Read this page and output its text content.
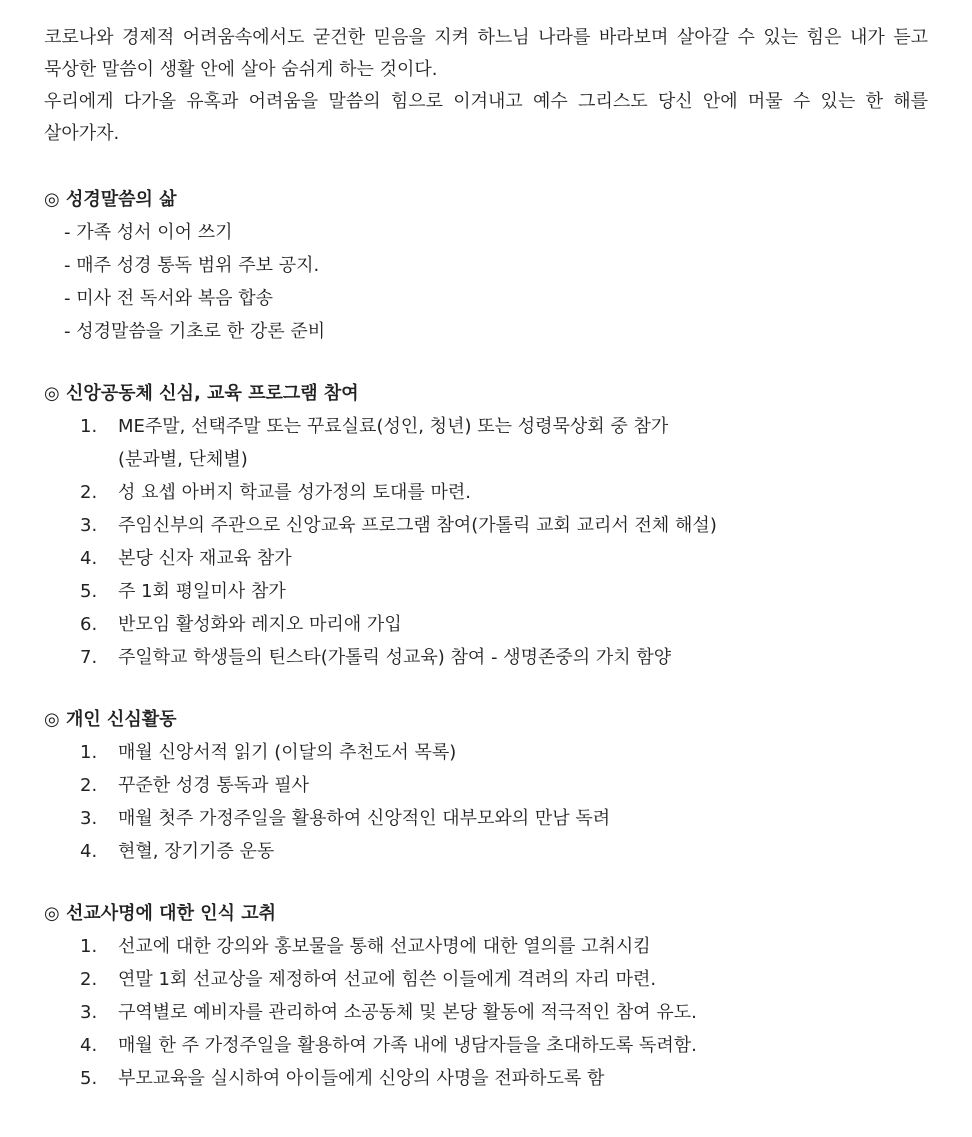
코로나와 경제적 어려움속에서도 굳건한 믿음을 지켜 하느님 나라를 바라보며 살아갈 수 있는 힘은 내가 듣고 묵상한 말씀이 생활 안에 살아 숨쉬게 하는 것이다.

우리에게 다가올 유혹과 어려움을 말씀의 힘으로 이겨내고 예수 그리스도 당신 안에 머물 수 있는 한 해를 살아가자.

◎ 성경말씀의 삶
- 가족 성서 이어 쓰기
- 매주 성경 통독 범위 주보 공지.
- 미사 전 독서와 복음 합송
- 성경말씀을 기초로 한 강론 준비
◎ 신앙공동체 신심, 교육 프로그램 참여
1.	ME주말, 선택주말 또는 꾸료실료(성인, 청년) 또는 성령묵상회 중 참가
(분과별, 단체별)
2.	성 요셉 아버지 학교를 성가정의 토대를 마련.
3.	주임신부의 주관으로 신앙교육 프로그램 참여(가톨릭 교회 교리서 전체 해설)
4.	본당 신자 재교육 참가
5.	주 1회 평일미사 참가
6.	반모임 활성화와 레지오 마리애 가입
7.	주일학교 학생들의 틴스타(가톨릭 성교육) 참여 - 생명존중의 가치 함양
◎ 개인 신심활동
1.	매월 신앙서적 읽기 (이달의 추천도서 목록)
2.	꾸준한 성경 통독과 필사
3.	매월 첫주 가정주일을 활용하여 신앙적인 대부모와의 만남 독려
4.	현혈, 장기기증 운동
◎ 선교사명에 대한 인식 고취
1.	선교에 대한 강의와 홍보물을 통해 선교사명에 대한 열의를 고취시킴
2.	연말 1회 선교상을 제정하여 선교에 힘쓴 이들에게 격려의 자리 마련.
3.	구역별로 예비자를 관리하여 소공동체 및 본당 활동에 적극적인 참여 유도.
4.	매월 한 주 가정주일을 활용하여 가족 내에 냉담자들을 초대하도록 독려함.
5.	부모교육을 실시하여 아이들에게 신앙의 사명을 전파하도록 함
